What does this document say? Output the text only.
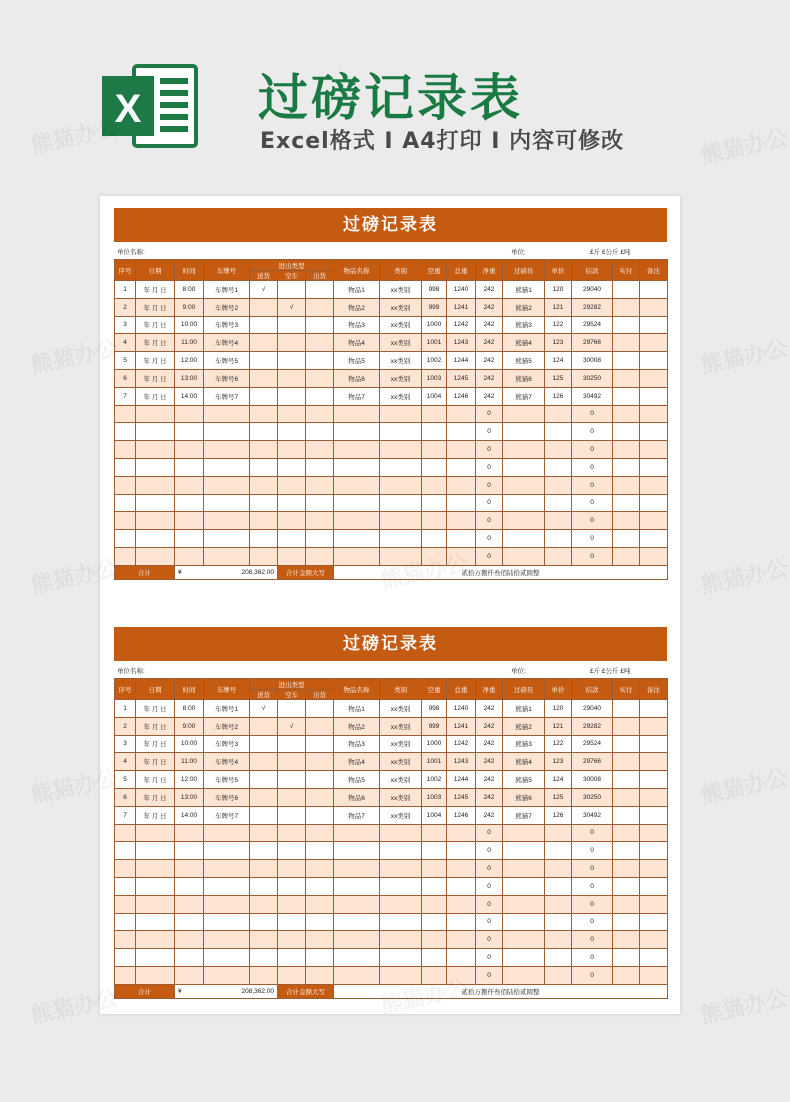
X 过磅记录表
Excel格式 I A4打印 I 内容可修改
过磅记录表
单位名称:	单位:	£斤 £公斤 £吨
序号	日期	时间	车牌号	进出类型			物品名称	类别	空重	总重	净重	过磅员	单价	结款	实付	备注
				送货	空车	出货										
1	年 月 日	8:00	车牌号1	√			物品1	xx类别	998	1240	242	熊猫1	120	29040		
2	年 月 日	9:00	车牌号2		√		物品2	xx类别	999	1241	242	熊猫2	121	29282		
3	年 月 日	10:00	车牌号3				物品3	xx类别	1000	1242	242	熊猫3	122	29524		
4	年 月 日	11:00	车牌号4				物品4	xx类别	1001	1243	242	熊猫4	123	29766		
5	年 月 日	12:00	车牌号5				物品5	xx类别	1002	1244	242	熊猫5	124	30008		
6	年 月 日	13:00	车牌号6				物品6	xx类别	1003	1245	242	熊猫6	125	30250		
7	年 月 日	14:00	车牌号7				物品7	xx类别	1004	1246	242	熊猫7	126	30492		
											0			0		
											0			0		
											0			0		
											0			0		
											0			0		
											0			0		
											0			0		
											0			0		
											0			0		
合计		¥	208,362.00		合计金额大写		贰拾万捌仟叁佰陆拾贰圆整									
过磅记录表
单位名称:	单位:	£斤 £公斤 £吨
序号	日期	时间	车牌号	进出类型			物品名称	类别	空重	总重	净重	过磅员	单价	结款	实付	备注
				送货	空车	出货										
1	年 月 日	8:00	车牌号1	√			物品1	xx类别	998	1240	242	熊猫1	120	29040		
2	年 月 日	9:00	车牌号2		√		物品2	xx类别	999	1241	242	熊猫2	121	29282		
3	年 月 日	10:00	车牌号3				物品3	xx类别	1000	1242	242	熊猫3	122	29524		
4	年 月 日	11:00	车牌号4				物品4	xx类别	1001	1243	242	熊猫4	123	29766		
5	年 月 日	12:00	车牌号5				物品5	xx类别	1002	1244	242	熊猫5	124	30008		
6	年 月 日	13:00	车牌号6				物品6	xx类别	1003	1245	242	熊猫6	125	30250		
7	年 月 日	14:00	车牌号7				物品7	xx类别	1004	1246	242	熊猫7	126	30492		
											0			0		
											0			0		
											0			0		
											0			0		
											0			0		
											0			0		
											0			0		
											0			0		
											0			0		
合计		¥	208,362.00		合计金额大写		贰拾万捌仟叁佰陆拾贰圆整									
熊猫办公	熊猫办公
熊猫办公	熊猫办公
熊猫办公	熊猫办公
熊猫办公	熊猫办公
熊猫办公	熊猫办公
